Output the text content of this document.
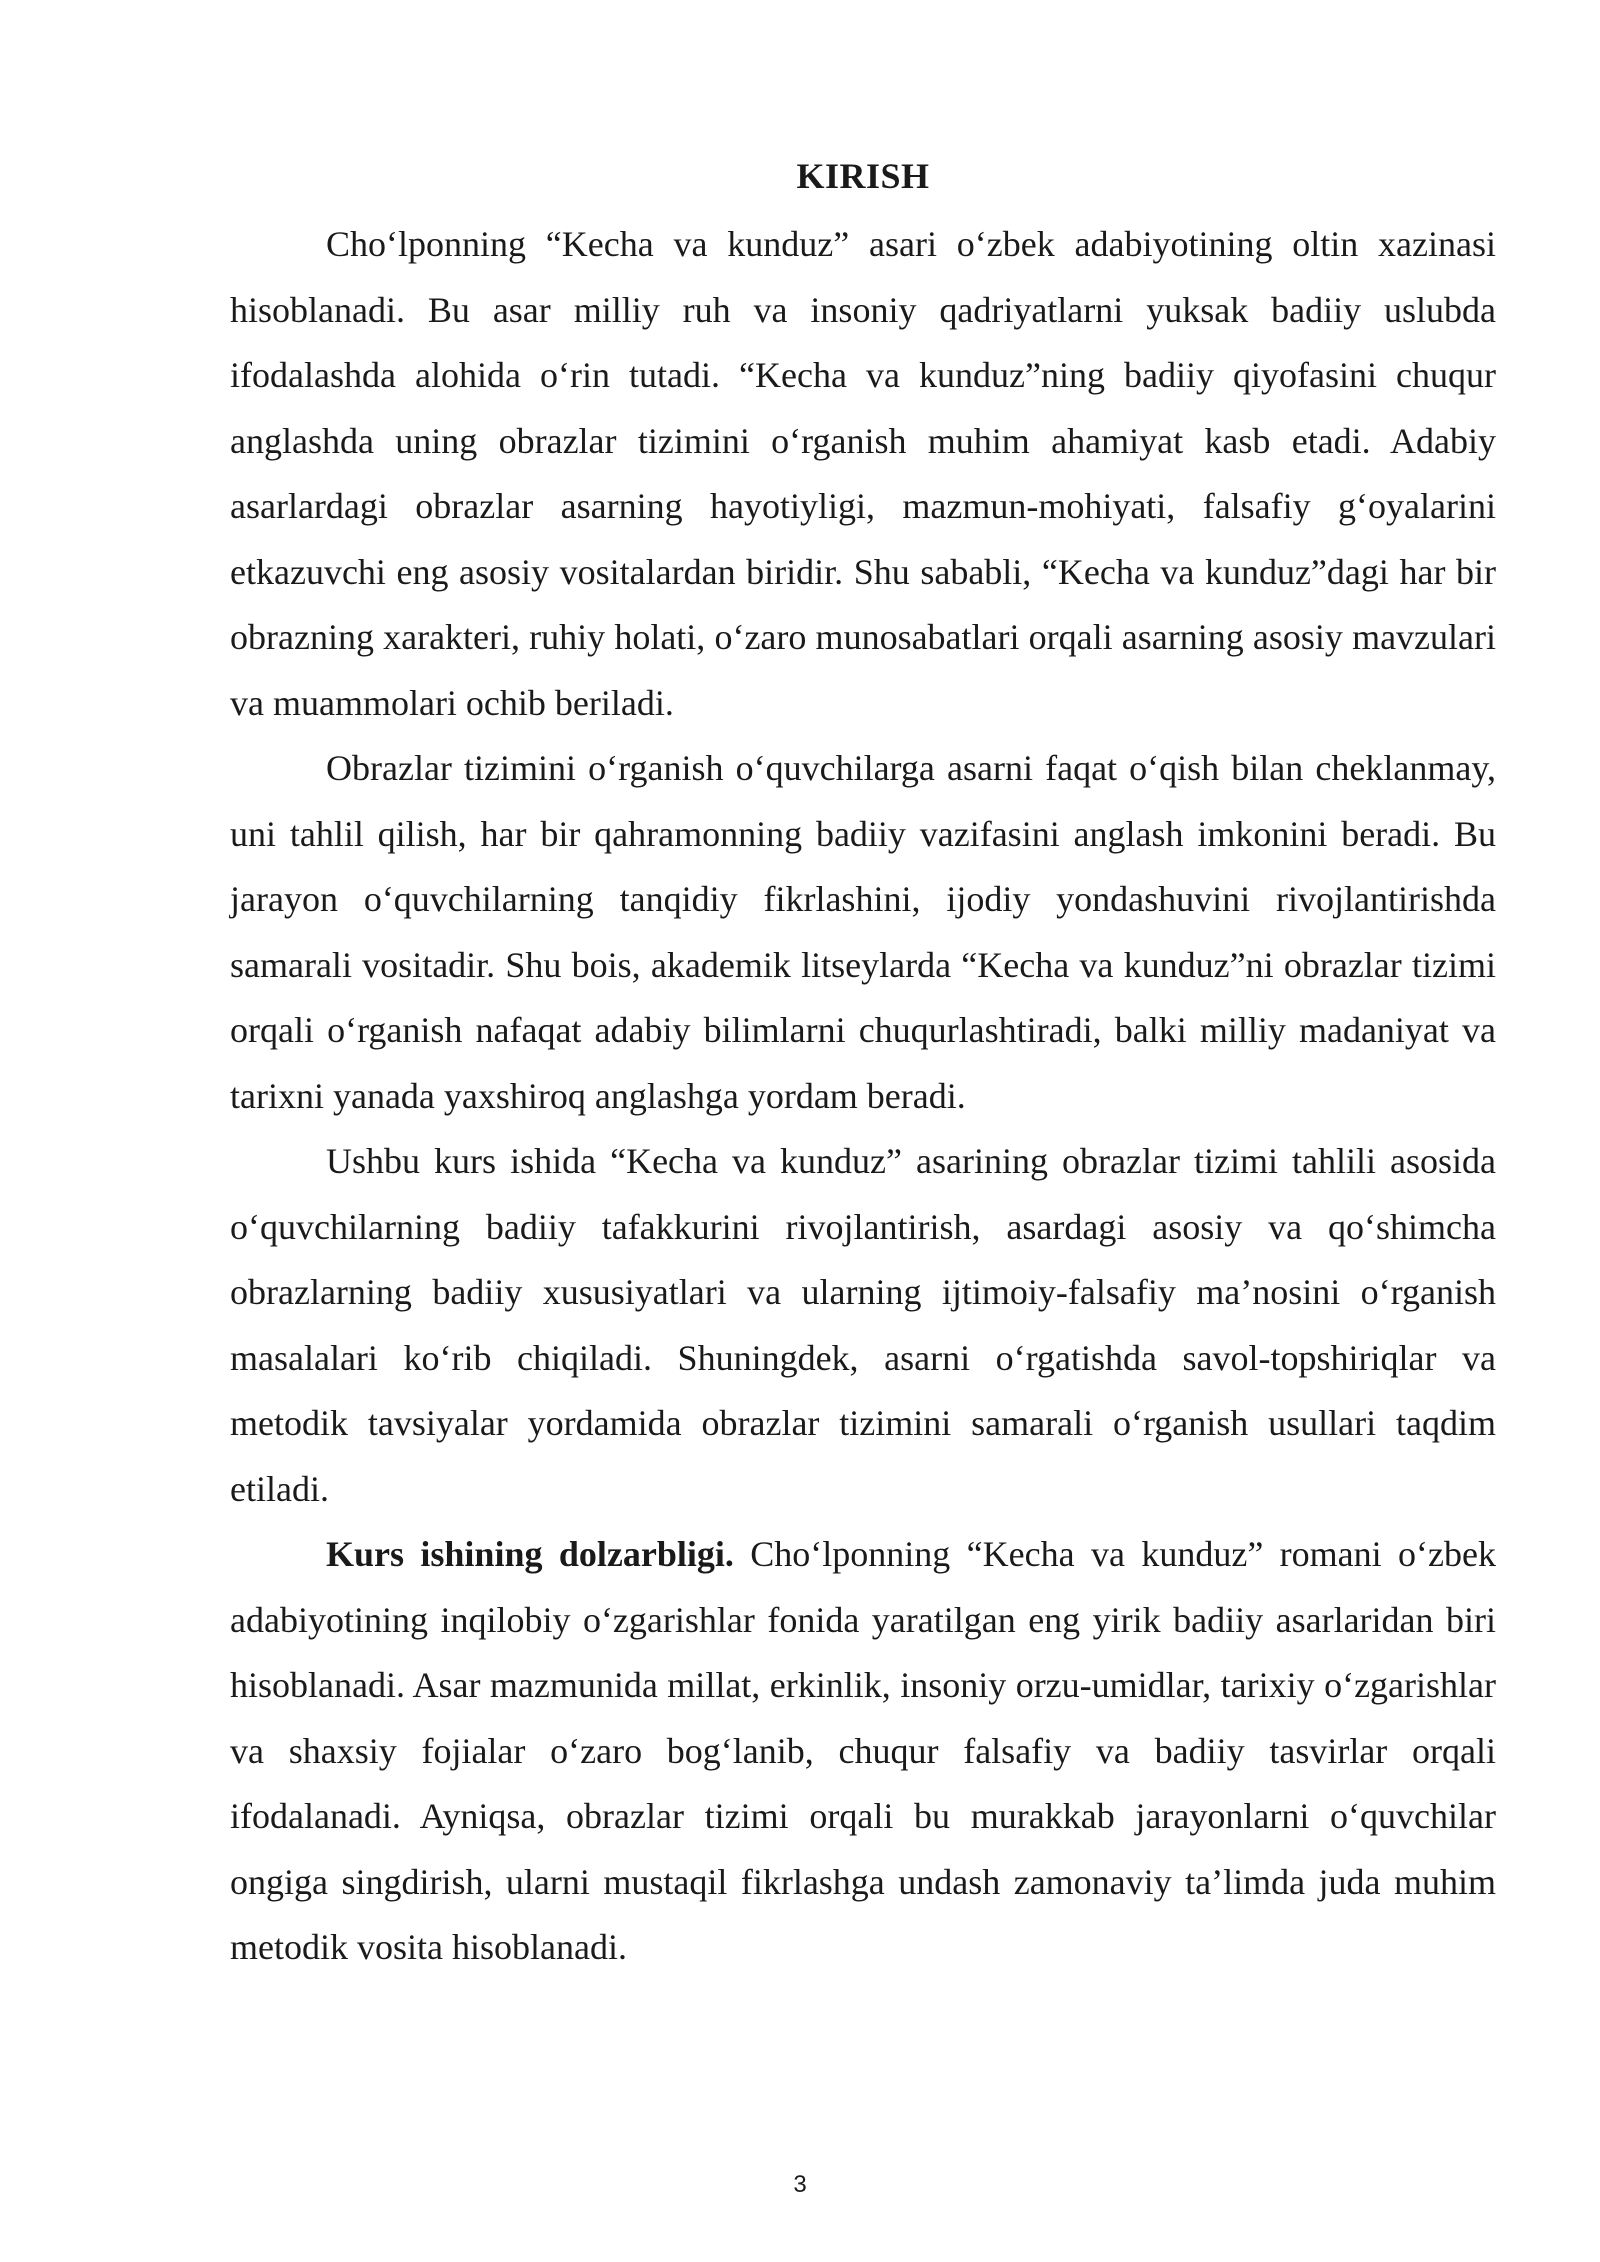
KIRISH

Cho‘lponning “Kecha va kunduz” asari o‘zbek adabiyotining oltin xazinasi hisoblanadi. Bu asar milliy ruh va insoniy qadriyatlarni yuksak badiiy uslubda ifodalashda alohida o‘rin tutadi. “Kecha va kunduz”ning badiiy qiyofasini chuqur anglashda uning obrazlar tizimini o‘rganish muhim ahamiyat kasb etadi. Adabiy asarlardagi obrazlar asarning hayotiyligi, mazmun-mohiyati, falsafiy g‘oyalarini etkazuvchi eng asosiy vositalardan biridir. Shu sababli, “Kecha va kunduz”dagi har bir obrazning xarakteri, ruhiy holati, o‘zaro munosabatlari orqali asarning asosiy mavzulari va muammolari ochib beriladi.

Obrazlar tizimini o‘rganish o‘quvchilarga asarni faqat o‘qish bilan cheklanmay, uni tahlil qilish, har bir qahramonning badiiy vazifasini anglash imkonini beradi. Bu jarayon o‘quvchilarning tanqidiy fikrlashini, ijodiy yondashuvini rivojlantirishda samarali vositadir. Shu bois, akademik litseylarda “Kecha va kunduz”ni obrazlar tizimi orqali o‘rganish nafaqat adabiy bilimlarni chuqurlashtiradi, balki milliy madaniyat va tarixni yanada yaxshiroq anglashga yordam beradi.

Ushbu kurs ishida “Kecha va kunduz” asarining obrazlar tizimi tahlili asosida o‘quvchilarning badiiy tafakkurini rivojlantirish, asardagi asosiy va qo‘shimcha obrazlarning badiiy xususiyatlari va ularning ijtimoiy-falsafiy ma’nosini o‘rganish masalalari ko‘rib chiqiladi. Shuningdek, asarni o‘rgatishda savol-topshiriqlar va metodik tavsiyalar yordamida obrazlar tizimini samarali o‘rganish usullari taqdim etiladi.

Kurs ishining dolzarbligi. Cho‘lponning “Kecha va kunduz” romani o‘zbek adabiyotining inqilobiy o‘zgarishlar fonida yaratilgan eng yirik badiiy asarlaridan biri hisoblanadi. Asar mazmunida millat, erkinlik, insoniy orzu-umidlar, tarixiy o‘zgarishlar va shaxsiy fojialar o‘zaro bog‘lanib, chuqur falsafiy va badiiy tasvirlar orqali ifodalanadi. Ayniqsa, obrazlar tizimi orqali bu murakkab jarayonlarni o‘quvchilar ongiga singdirish, ularni mustaqil fikrlashga undash zamonaviy ta’limda juda muhim metodik vosita hisoblanadi.

3
